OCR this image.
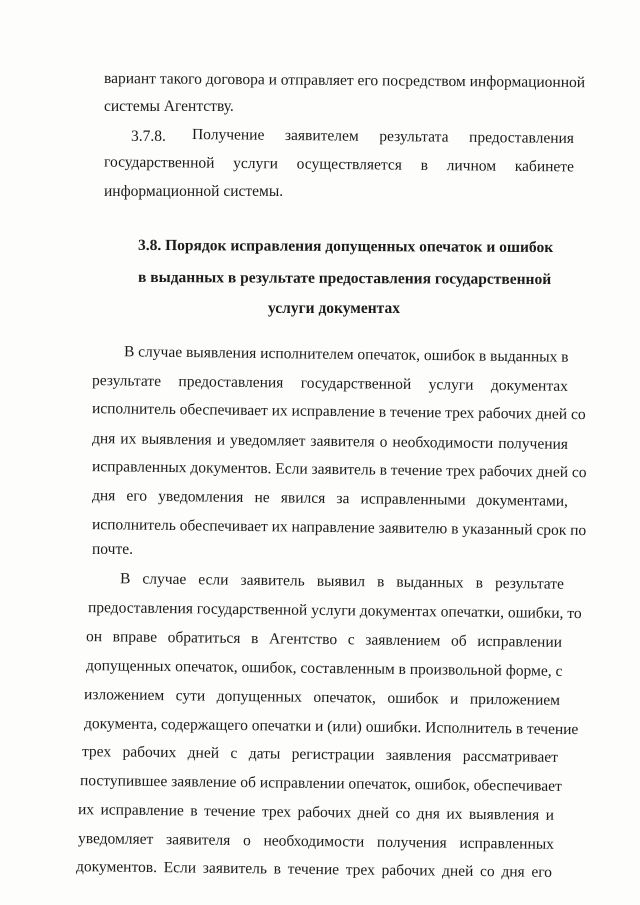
вариант такого договора и отправляет его посредством информационной
системы Агентству.
3.7.8. Получение заявителем результата предоставления
государственной услуги осуществляется в личном кабинете
информационной системы.
3.8. Порядок исправления допущенных опечаток и ошибок
в выданных в результате предоставления государственной
услуги документах
В случае выявления исполнителем опечаток, ошибок в выданных в
результате предоставления государственной услуги документах
исполнитель обеспечивает их исправление в течение трех рабочих дней со
дня их выявления и уведомляет заявителя о необходимости получения
исправленных документов. Если заявитель в течение трех рабочих дней со
дня его уведомления не явился за исправленными документами,
исполнитель обеспечивает их направление заявителю в указанный срок по
почте.
В случае если заявитель выявил в выданных в результате
предоставления государственной услуги документах опечатки, ошибки, то
он вправе обратиться в Агентство с заявлением об исправлении
допущенных опечаток, ошибок, составленным в произвольной форме, с
изложением сути допущенных опечаток, ошибок и приложением
документа, содержащего опечатки и (или) ошибки. Исполнитель в течение
трех рабочих дней с даты регистрации заявления рассматривает
поступившее заявление об исправлении опечаток, ошибок, обеспечивает
их исправление в течение трех рабочих дней со дня их выявления и
уведомляет заявителя о необходимости получения исправленных
документов. Если заявитель в течение трех рабочих дней со дня его
